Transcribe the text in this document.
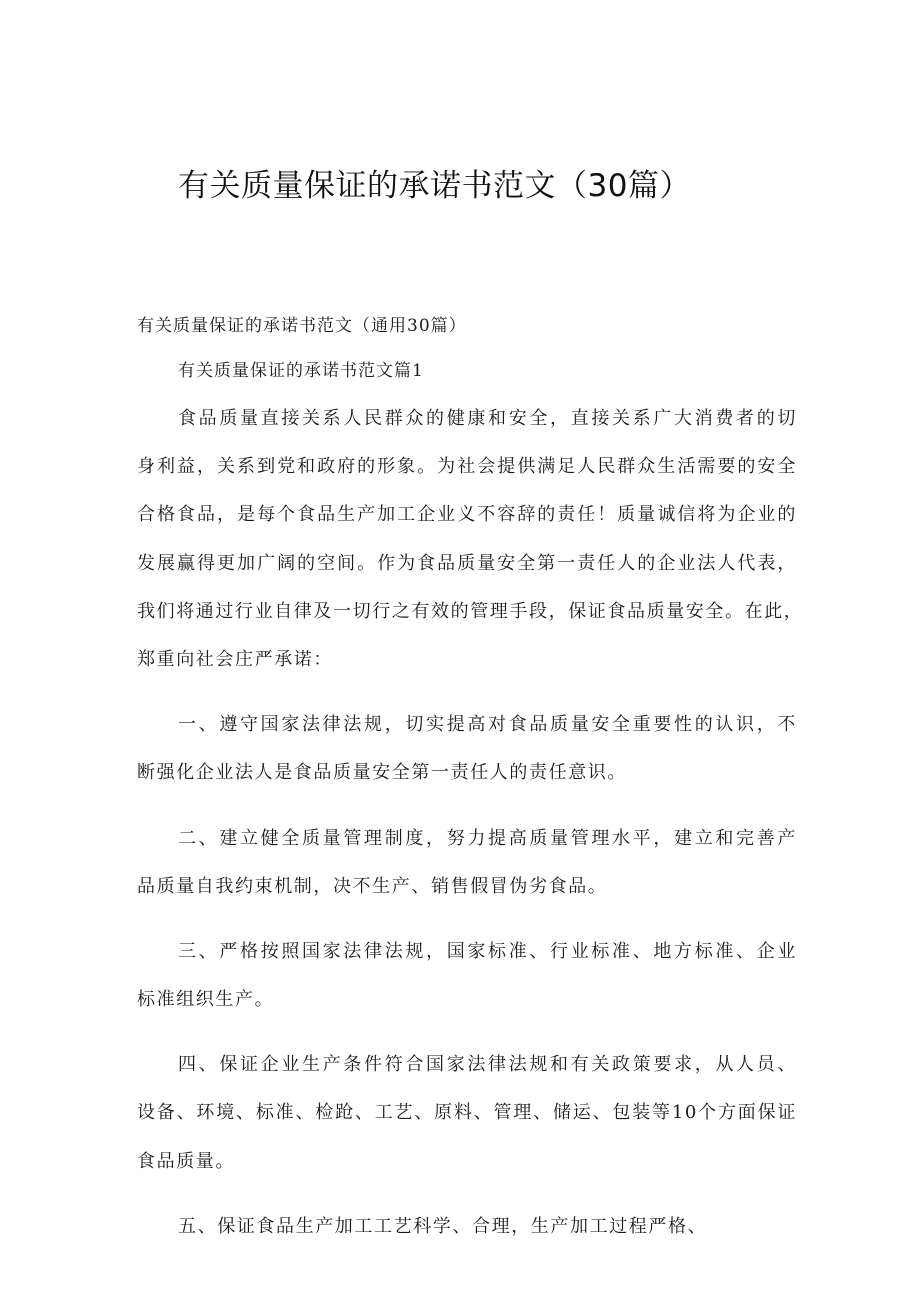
有关质量保证的承诺书范文（30篇）
有关质量保证的承诺书范文（通用30篇）
有关质量保证的承诺书范文篇1
食品质量直接关系人民群众的健康和安全，直接关系广大消费者的切
身利益，关系到党和政府的形象。为社会提供满足人民群众生活需要的安全
合格食品，是每个食品生产加工企业义不容辞的责任！质量诚信将为企业的
发展赢得更加广阔的空间。作为食品质量安全第一责任人的企业法人代表，
我们将通过行业自律及一切行之有效的管理手段，保证食品质量安全。在此，
郑重向社会庄严承诺：
一、遵守国家法律法规，切实提高对食品质量安全重要性的认识，不
断强化企业法人是食品质量安全第一责任人的责任意识。
二、建立健全质量管理制度，努力提高质量管理水平，建立和完善产
品质量自我约束机制，决不生产、销售假冒伪劣食品。
三、严格按照国家法律法规，国家标准、行业标准、地方标准、企业
标准组织生产。
四、保证企业生产条件符合国家法律法规和有关政策要求，从人员、
设备、环境、标准、检跄、工艺、原料、管理、储运、包装等10个方面保证
食品质量。
五、保证食品生产加工工艺科学、合理，生产加工过程严格、
